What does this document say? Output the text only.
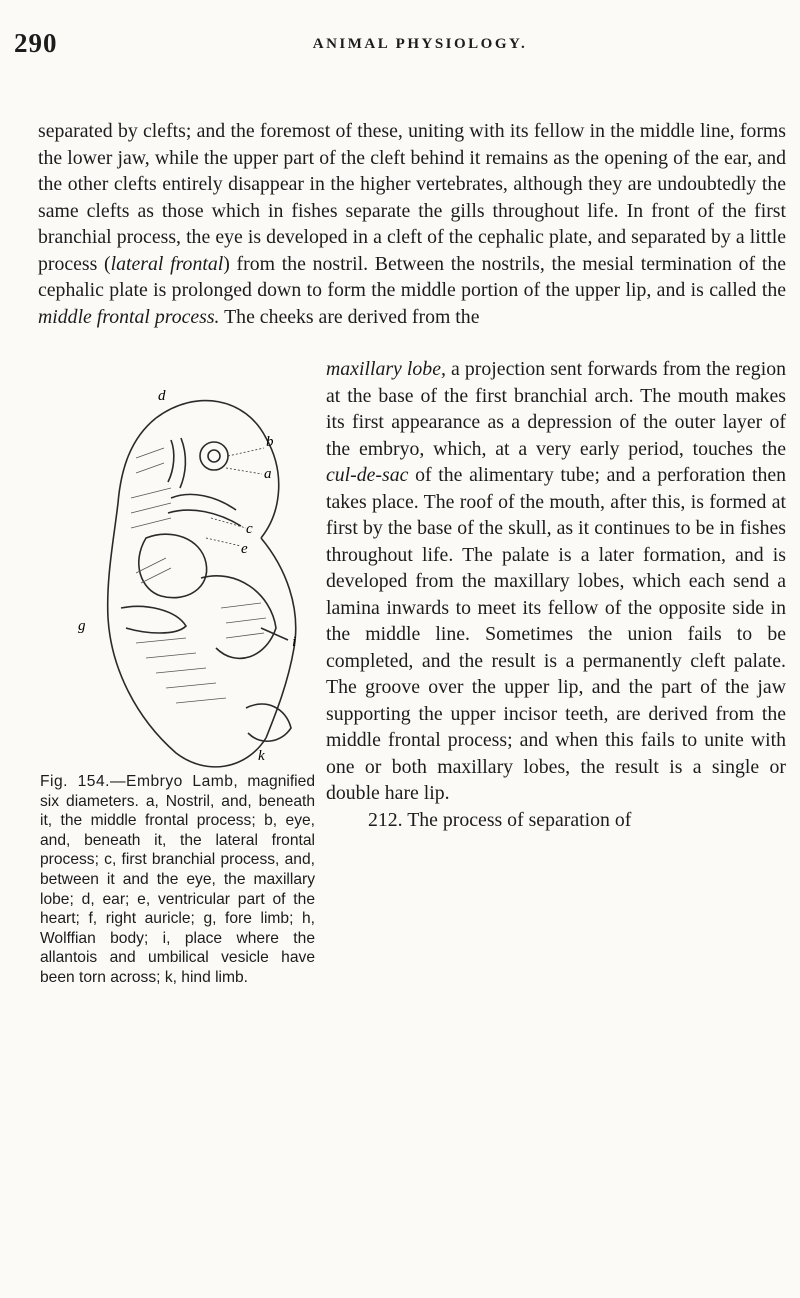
290	ANIMAL PHYSIOLOGY.

separated by clefts; and the foremost of these, uniting with its fellow in the middle line, forms the lower jaw, while the upper part of the cleft behind it remains as the opening of the ear, and the other clefts entirely disappear in the higher vertebrates, although they are undoubtedly the same clefts as those which in fishes separate the gills throughout life. In front of the first branchial process, the eye is developed in a cleft of the cephalic plate, and separated by a little process (lateral frontal) from the nostril. Between the nostrils, the mesial termination of the cephalic plate is prolonged down to form the middle portion of the upper lip, and is called the middle frontal process. The cheeks are derived from the

d
b
a
c
e
g
i
k
Fig. 154.—Embryo Lamb, magnified six diameters. a, Nostril, and, beneath it, the middle frontal process; b, eye, and, beneath it, the lateral frontal process; c, first branchial process, and, between it and the eye, the maxillary lobe; d, ear; e, ventricular part of the heart; f, right auricle; g, fore limb; h, Wolffian body; i, place where the allantois and umbilical vesicle have been torn across; k, hind limb.

maxillary lobe, a projection sent forwards from the region at the base of the first branchial arch. The mouth makes its first appearance as a depression of the outer layer of the embryo, which, at a very early period, touches the cul-de-sac of the alimentary tube; and a perforation then takes place. The roof of the mouth, after this, is formed at first by the base of the skull, as it continues to be in fishes throughout life. The palate is a later formation, and is developed from the maxillary lobes, which each send a lamina inwards to meet its fellow of the opposite side in the middle line. Sometimes the union fails to be completed, and the result is a permanently cleft palate. The groove over the upper lip, and the part of the jaw supporting the upper incisor teeth, are derived from the middle frontal process; and when this fails to unite with one or both maxillary lobes, the result is a single or double hare lip.

212. The process of separation of
